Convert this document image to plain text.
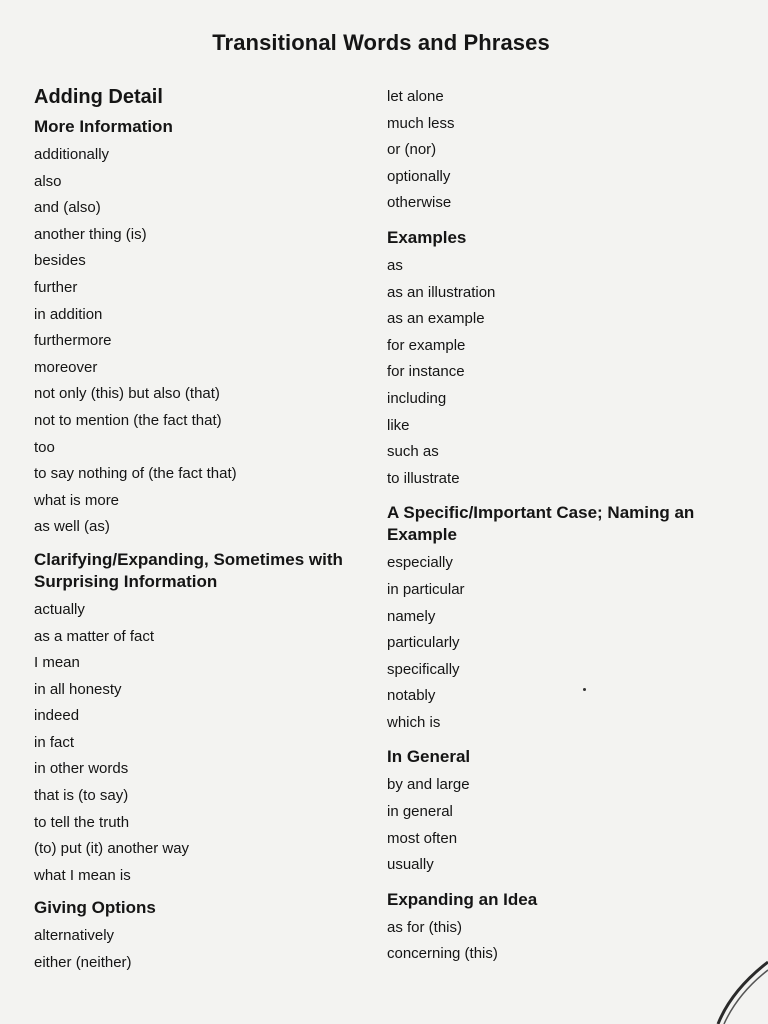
Transitional Words and Phrases
Adding Detail
More Information
additionally
also
and (also)
another thing (is)
besides
further
in addition
furthermore
moreover
not only (this) but also (that)
not to mention (the fact that)
too
to say nothing of (the fact that)
what is more
as well (as)
Clarifying/Expanding, Sometimes with Surprising Information
actually
as a matter of fact
I mean
in all honesty
indeed
in fact
in other words
that is (to say)
to tell the truth
(to) put (it) another way
what I mean is
Giving Options
alternatively
either (neither)
let alone
much less
or (nor)
optionally
otherwise
Examples
as
as an illustration
as an example
for example
for instance
including
like
such as
to illustrate
A Specific/Important Case; Naming an Example
especially
in particular
namely
particularly
specifically
notably
which is
In General
by and large
in general
most often
usually
Expanding an Idea
as for (this)
concerning (this)
